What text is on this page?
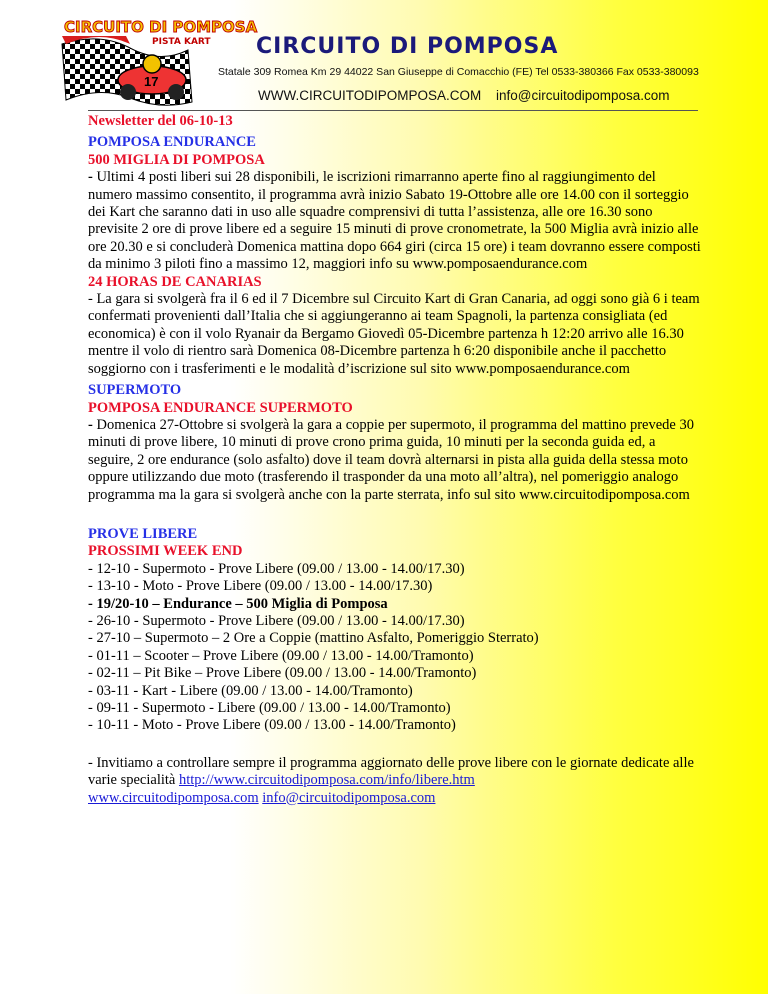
17
CIRCUITO DI POMPOSA
PISTA KART CIRCUITO DI POMPOSA
Statale 309 Romea Km 29 44022 San Giuseppe di Comacchio (FE) Tel 0533-380366 Fax 0533-380093
WWW.CIRCUITODIPOMPOSA.COM info@circuitodipomposa.com

Newsletter del 06-10-13

POMPOSA ENDURANCE

500 MIGLIA DI POMPOSA

- Ultimi 4 posti liberi sui 28 disponibili, le iscrizioni rimarranno aperte fino al raggiungimento del numero massimo consentito, il programma avrà inizio Sabato 19-Ottobre alle ore 14.00 con il sorteggio dei Kart che saranno dati in uso alle squadre comprensivi di tutta l’assistenza, alle ore 16.30 sono previsite 2 ore di prove libere ed a seguire 15 minuti di prove cronometrate, la 500 Miglia avrà inizio alle ore 20.30 e si concluderà Domenica mattina dopo 664 giri (circa 15 ore) i team dovranno essere composti da minimo 3 piloti fino a massimo 12, maggiori info su www.pomposaendurance.com

24 HORAS DE CANARIAS

- La gara si svolgerà fra il 6 ed il 7 Dicembre sul Circuito Kart di Gran Canaria, ad oggi sono già 6 i team confermati provenienti dall’Italia che si aggiungeranno ai team Spagnoli, la partenza consigliata (ed economica) è con il volo Ryanair da Bergamo Giovedì 05-Dicembre partenza h 12:20 arrivo alle 16.30 mentre il volo di rientro sarà Domenica 08-Dicembre partenza h 6:20 disponibile anche il pacchetto soggiorno con i trasferimenti e le modalità d’iscrizione sul sito www.pomposaendurance.com

SUPERMOTO

POMPOSA ENDURANCE SUPERMOTO

- Domenica 27-Ottobre si svolgerà la gara a coppie per supermoto, il programma del mattino prevede 30 minuti di prove libere, 10 minuti di prove crono prima guida, 10 minuti per la seconda guida ed, a seguire, 2 ore endurance (solo asfalto) dove il team dovrà alternarsi in pista alla guida della stessa moto oppure utilizzando due moto (trasferendo il trasponder da una moto all’altra), nel pomeriggio analogo programma ma la gara si svolgerà anche con la parte sterrata, info sul sito www.circuitodipomposa.com

PROVE LIBERE

PROSSIMI WEEK END

- 12-10 - Supermoto - Prove Libere (09.00 / 13.00 - 14.00/17.30)

- 13-10 - Moto - Prove Libere (09.00 / 13.00 - 14.00/17.30)

- 19/20-10 – Endurance – 500 Miglia di Pomposa

- 26-10 - Supermoto - Prove Libere (09.00 / 13.00 - 14.00/17.30)

- 27-10 – Supermoto – 2 Ore a Coppie (mattino Asfalto, Pomeriggio Sterrato)

- 01-11 – Scooter – Prove Libere (09.00 / 13.00 - 14.00/Tramonto)

- 02-11 – Pit Bike – Prove Libere (09.00 / 13.00 - 14.00/Tramonto)

- 03-11 - Kart - Libere (09.00 / 13.00 - 14.00/Tramonto)

- 09-11 - Supermoto - Libere (09.00 / 13.00 - 14.00/Tramonto)

- 10-11 - Moto - Prove Libere (09.00 / 13.00 - 14.00/Tramonto)

- Invitiamo a controllare sempre il programma aggiornato delle prove libere con le giornate dedicate alle varie specialità http://www.circuitodipomposa.com/info/libere.htm
www.circuitodipomposa.com info@circuitodipomposa.com
